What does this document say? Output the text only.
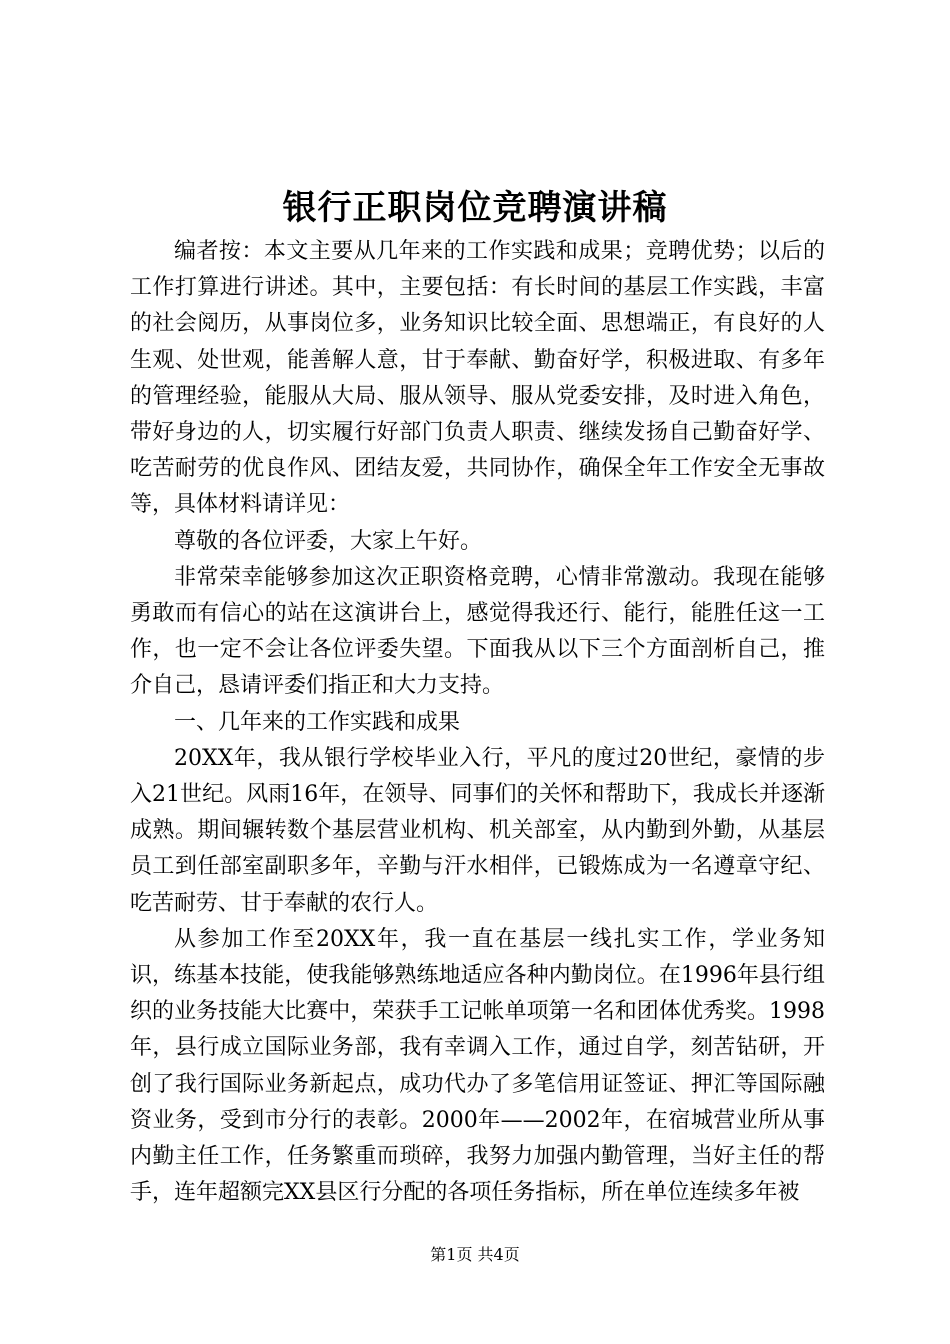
银行正职岗位竞聘演讲稿

编者按：本文主要从几年来的工作实践和成果；竞聘优势；以后的工作打算进行讲述。其中，主要包括：有长时间的基层工作实践，丰富的社会阅历，从事岗位多，业务知识比较全面、思想端正，有良好的人生观、处世观，能善解人意，甘于奉献、勤奋好学，积极进取、有多年的管理经验，能服从大局、服从领导、服从党委安排，及时进入角色，带好身边的人，切实履行好部门负责人职责、继续发扬自己勤奋好学、吃苦耐劳的优良作风、团结友爱，共同协作，确保全年工作安全无事故等，具体材料请详见：

尊敬的各位评委，大家上午好。

非常荣幸能够参加这次正职资格竞聘，心情非常激动。我现在能够勇敢而有信心的站在这演讲台上，感觉得我还行、能行，能胜任这一工作，也一定不会让各位评委失望。下面我从以下三个方面剖析自己，推介自己，恳请评委们指正和大力支持。

一、几年来的工作实践和成果

20XX年，我从银行学校毕业入行，平凡的度过20世纪，豪情的步入21世纪。风雨16年，在领导、同事们的关怀和帮助下，我成长并逐渐成熟。期间辗转数个基层营业机构、机关部室，从内勤到外勤，从基层员工到任部室副职多年，辛勤与汗水相伴，已锻炼成为一名遵章守纪、吃苦耐劳、甘于奉献的农行人。

从参加工作至20XX年，我一直在基层一线扎实工作，学业务知识，练基本技能，使我能够熟练地适应各种内勤岗位。在1996年县行组织的业务技能大比赛中，荣获手工记帐单项第一名和团体优秀奖。1998年，县行成立国际业务部，我有幸调入工作，通过自学，刻苦钻研，开创了我行国际业务新起点，成功代办了多笔信用证签证、押汇等国际融资业务，受到市分行的表彰。2000年——2002年，在宿城营业所从事内勤主任工作，任务繁重而琐碎，我努力加强内勤管理，当好主任的帮手，连年超额完XX县区行分配的各项任务指标，所在单位连续多年被

第1页 共4页
